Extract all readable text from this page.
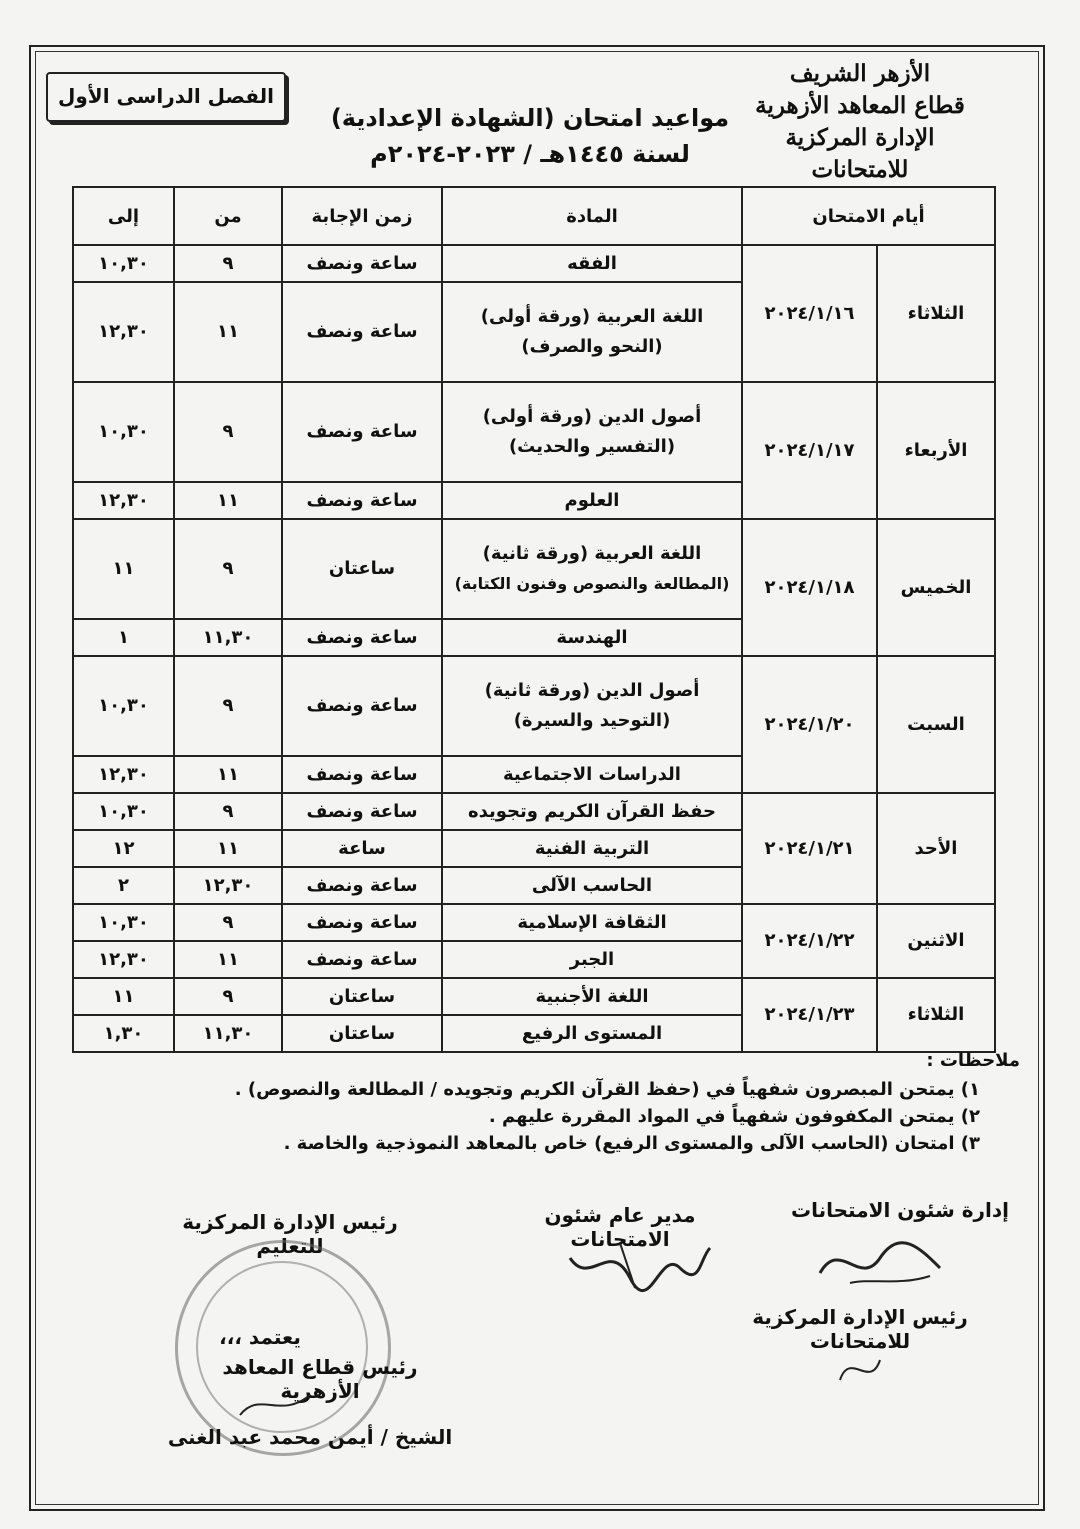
الأزهر الشريف
قطاع المعاهد الأزهرية
الإدارة المركزية للامتحانات
مواعيد امتحان (الشهادة الإعدادية)
لسنة ١٤٤٥هـ / ٢٠٢٣-٢٠٢٤م
الفصل الدراسى الأول
أيام الامتحان		المادة	زمن الإجابة	من	إلى
الثلاثاء	٢٠٢٤/١/١٦	الفقه	ساعة ونصف	٩	١٠,٣٠

		اللغة العربية (ورقة أولى)
(النحو والصرف)	ساعة ونصف	١١	١٢,٣٠
الأربعاء	٢٠٢٤/١/١٧	أصول الدين (ورقة أولى)
(التفسير والحديث)	ساعة ونصف	٩	١٠,٣٠
		العلوم	ساعة ونصف	١١	١٢,٣٠
الخميس	٢٠٢٤/١/١٨	اللغة العربية (ورقة ثانية)
(المطالعة والنصوص وفنون الكتابة)	ساعتان	٩	١١
		الهندسة	ساعة ونصف	١١,٣٠	١
السبت	٢٠٢٤/١/٢٠	أصول الدين (ورقة ثانية)
(التوحيد والسيرة)	ساعة ونصف	٩	١٠,٣٠
		الدراسات الاجتماعية	ساعة ونصف	١١	١٢,٣٠
الأحد	٢٠٢٤/١/٢١	حفظ القرآن الكريم وتجويده	ساعة ونصف	٩	١٠,٣٠
		التربية الفنية	ساعة	١١	١٢
		الحاسب الآلى	ساعة ونصف	١٢,٣٠	٢
الاثنين	٢٠٢٤/١/٢٢	الثقافة الإسلامية	ساعة ونصف	٩	١٠,٣٠
		الجبر	ساعة ونصف	١١	١٢,٣٠
الثلاثاء	٢٠٢٤/١/٢٣	اللغة الأجنبية	ساعتان	٩	١١
		المستوى الرفيع	ساعتان	١١,٣٠	١,٣٠
ملاحظات :
١) يمتحن المبصرون شفهياً في (حفظ القرآن الكريم وتجويده / المطالعة والنصوص) .
٢) يمتحن المكفوفون شفهياً في المواد المقررة عليهم .
٣) امتحان (الحاسب الآلى والمستوى الرفيع) خاص بالمعاهد النموذجية والخاصة .
إدارة شئون الامتحانات
مدير عام شئون الامتحانات
رئيس الإدارة المركزية للتعليم
رئيس الإدارة المركزية للامتحانات
يعتمد ،،،
رئيس قطاع المعاهد الأزهرية
الشيخ / أيمن محمد عبد الغنى
